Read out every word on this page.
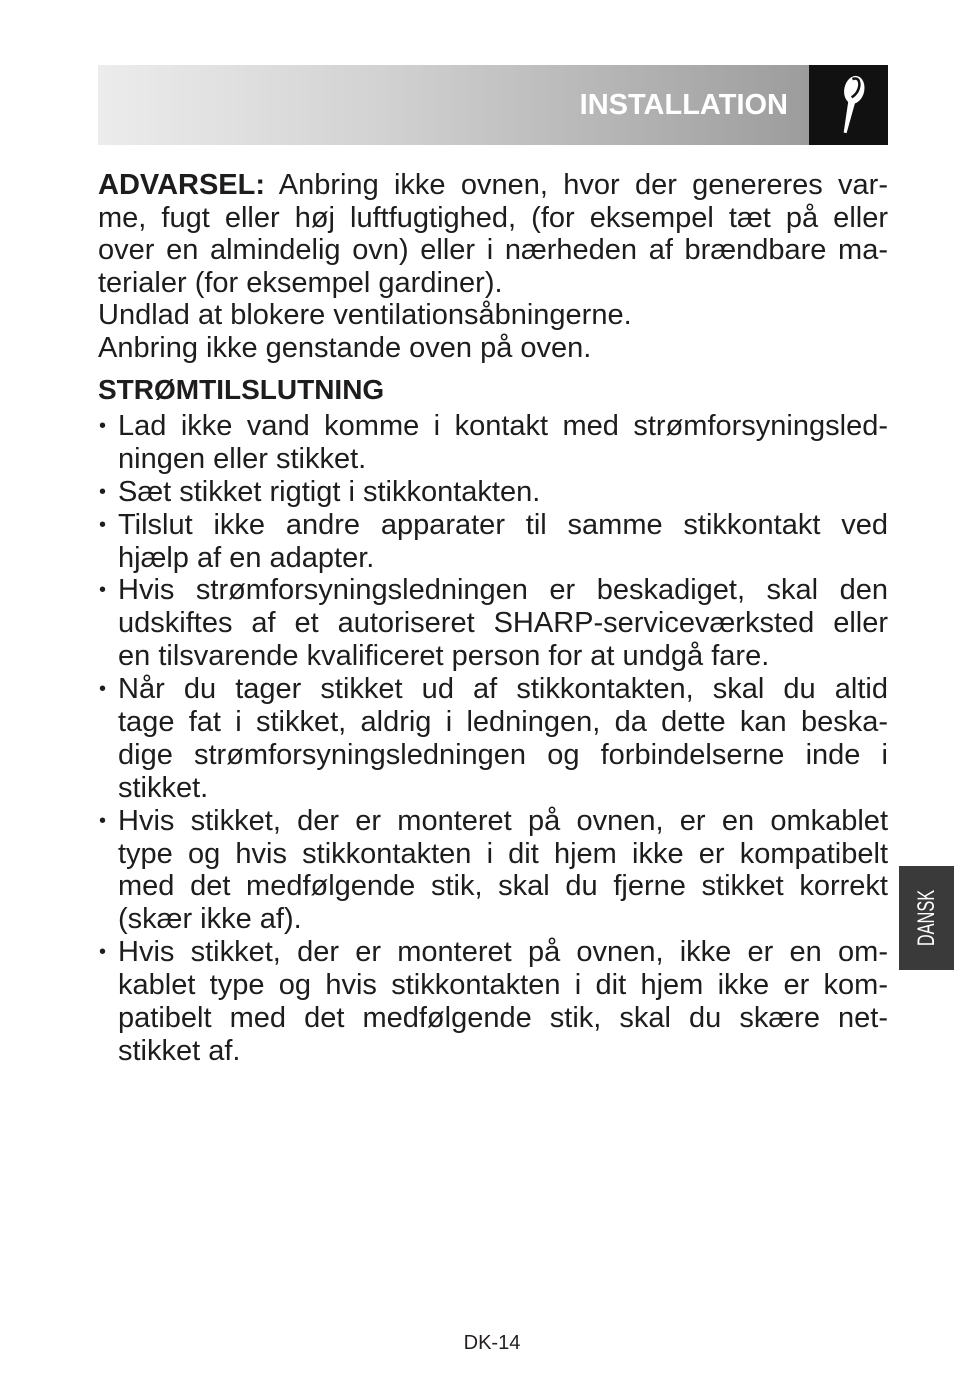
INSTALLATION
ADVARSEL: Anbring ikke ovnen, hvor der genereres var-
me, fugt eller høj luftfugtighed, (for eksempel tæt på eller
over en almindelig ovn) eller i nærheden af brændbare ma-
terialer (for eksempel gardiner).
Undlad at blokere ventilationsåbningerne.
Anbring ikke genstande oven på oven.
STRØMTILSLUTNING
• Lad ikke vand komme i kontakt med strømforsyningsled-
ningen eller stikket.
• Sæt stikket rigtigt i stikkontakten.
• Tilslut ikke andre apparater til samme stikkontakt ved
hjælp af en adapter.
• Hvis strømforsyningsledningen er beskadiget, skal den
udskiftes af et autoriseret SHARP-serviceværksted eller
en tilsvarende kvalificeret person for at undgå fare.
• Når du tager stikket ud af stikkontakten, skal du altid
tage fat i stikket, aldrig i ledningen, da dette kan beska-
dige strømforsyningsledningen og forbindelserne inde i
stikket.
• Hvis stikket, der er monteret på ovnen, er en omkablet
type og hvis stikkontakten i dit hjem ikke er kompatibelt
med det medfølgende stik, skal du fjerne stikket korrekt
(skær ikke af).
• Hvis stikket, der er monteret på ovnen, ikke er en om-
kablet type og hvis stikkontakten i dit hjem ikke er kom-
patibelt med det medfølgende stik, skal du skære net-
stikket af.
DANSK
DK-14
